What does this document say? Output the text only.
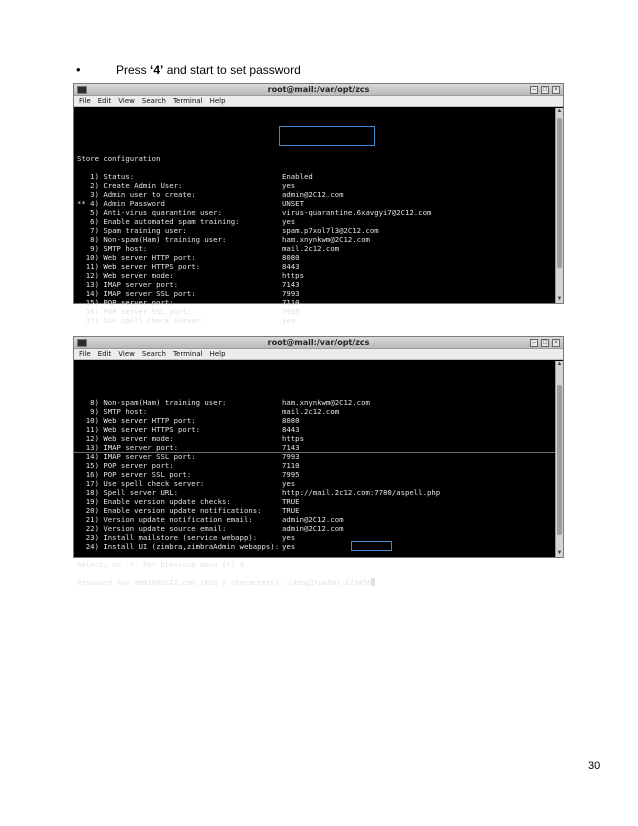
•	Press ‘4’ and start to set password
root@mail:/var/opt/zcs	–	□	×
File Edit View Search Terminal Help

Store configuration
1) Status:	Enabled
2) Create Admin User:	yes
3) Admin user to create:	admin@2C12.com
** 4) Admin Password	UNSET
5) Anti-virus quarantine user:	virus-quarantine.6xavgyi7@2C12.com
6) Enable automated spam training:	yes
7) Spam training user:	spam.p7xol7l3@2C12.com
8) Non-spam(Ham) training user:	ham.xnynkwm@2C12.com
9) SMTP host:	mail.2c12.com
10) Web server HTTP port:	8080
11) Web server HTTPS port:	8443
12) Web server mode:	https
13) IMAP server port:	7143
14) IMAP server SSL port:	7993
15) POP server port:	7110
16) POP server SSL port:	7995
17) Use spell check server:	yes
▲
▼
root@mail:/var/opt/zcs	–	□	×
File Edit View Search Terminal Help

8) Non-spam(Ham) training user:	ham.xnynkwm@2C12.com
9) SMTP host:	mail.2c12.com
10) Web server HTTP port:	8080
11) Web server HTTPS port:	8443
12) Web server mode:	https
13) IMAP server port:	7143
14) IMAP server SSL port:	7993
15) POP server port:	7110
16) POP server SSL port:	7995
17) Use spell check server:	yes
18) Spell server URL:	http://mail.2c12.com:7780/aspell.php
19) Enable version update checks:	TRUE
20) Enable version update notifications:	TRUE
21) Version update notification email:	admin@2C12.com
22) Version update source email:	admin@2C12.com
23) Install mailstore (service webapp):	yes
24) Install UI (zimbra,zimbraAdmin webapps): yes
Select, or 'r' for previous menu [r] 4
Password for admin@2C12.com (min 6 characters): [deug2tpx8m] 123456
▲
▼
30
